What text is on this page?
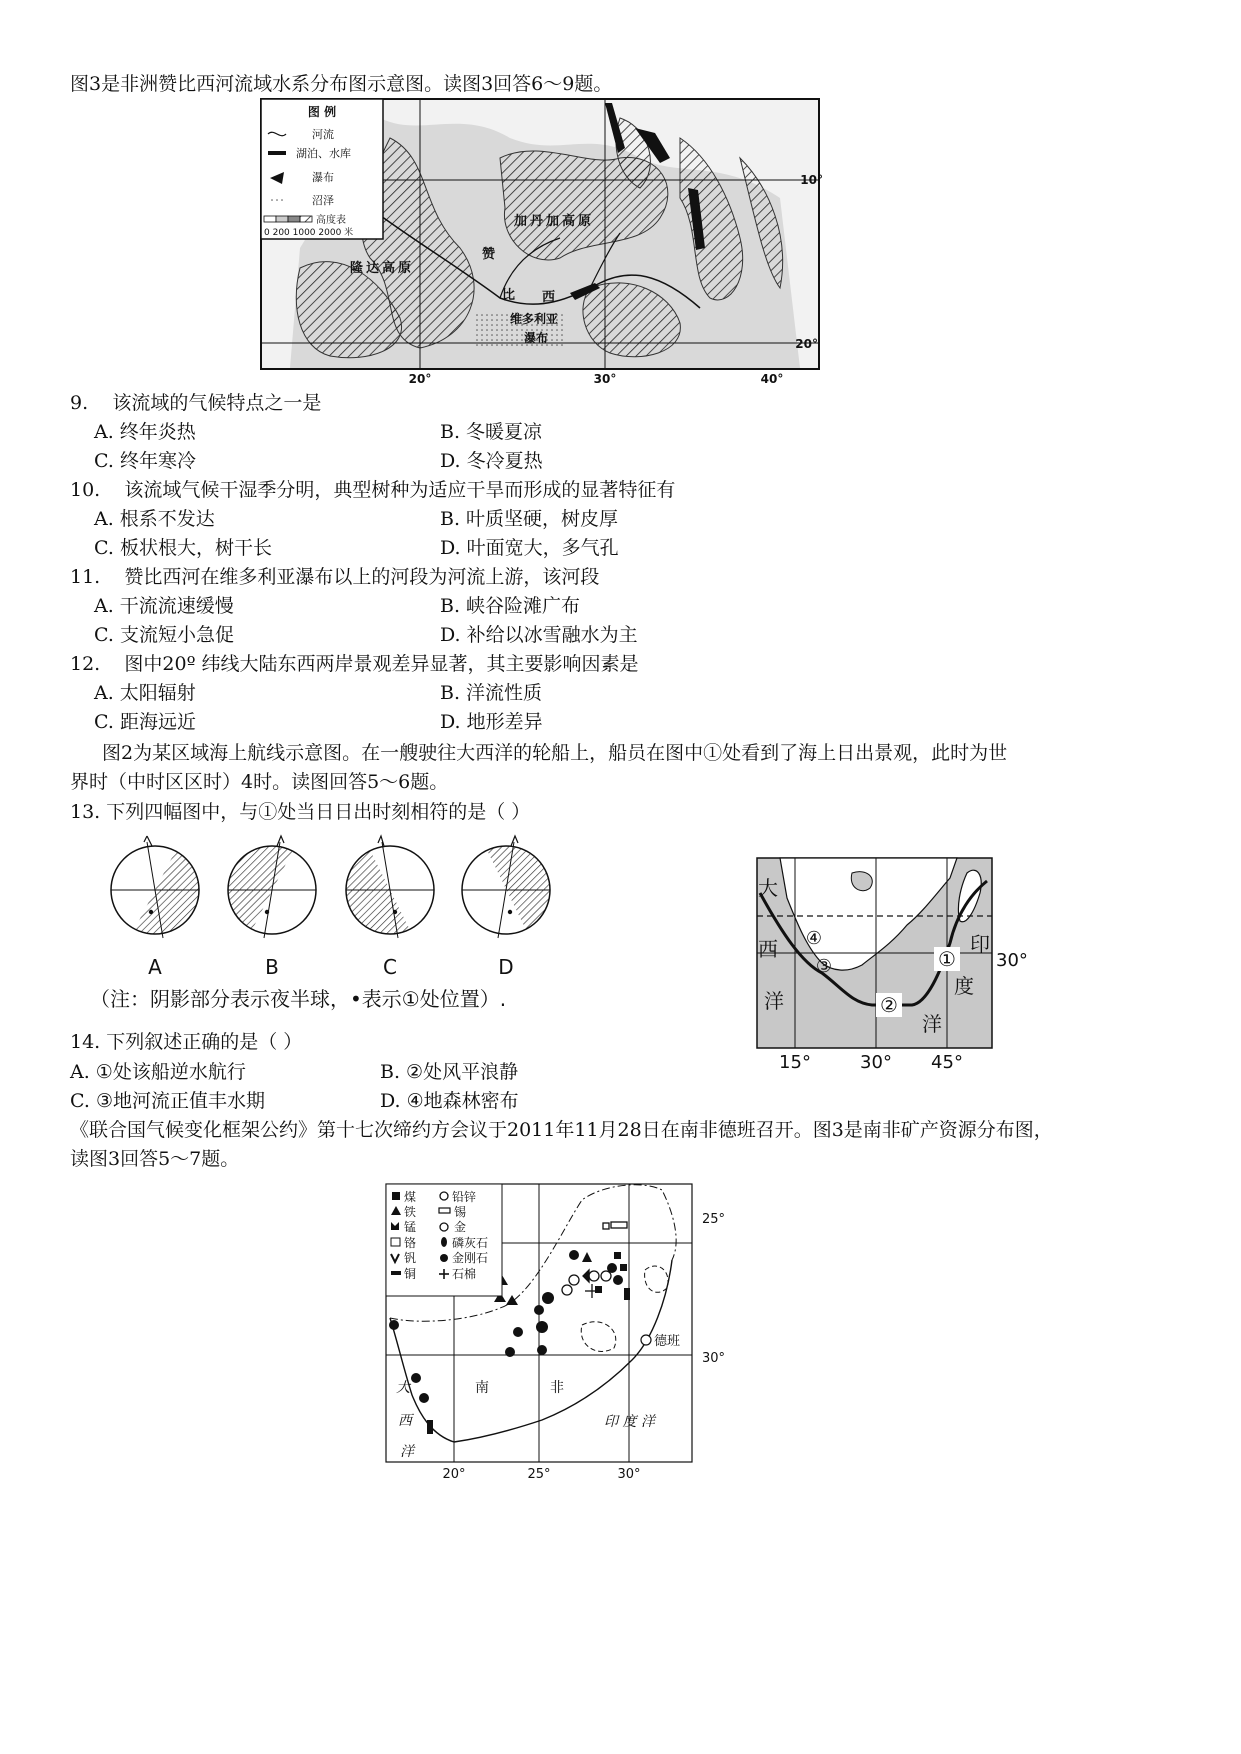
图3是非洲赞比西河流域水系分布图示意图。读图3回答6～9题。
图 例
河流
湖泊、水库
瀑布
沼泽
高度表
0 200 1000 2000 米
隆达高原
加丹加高原
赞
比 西
维多利亚
瀑布
10°
20°
20°	30°	40°
9. 该流域的气候特点之一是
A. 终年炎热	B. 冬暖夏凉
C. 终年寒冷	D. 冬冷夏热
10. 该流域气候干湿季分明，典型树种为适应干旱而形成的显著特征有
A. 根系不发达	B. 叶质坚硬，树皮厚
C. 板状根大，树干长	D. 叶面宽大，多气孔
11. 赞比西河在维多利亚瀑布以上的河段为河流上游，该河段
A. 干流流速缓慢	B. 峡谷险滩广布
C. 支流短小急促	D. 补给以冰雪融水为主
12. 图中20º 纬线大陆东西两岸景观差异显著，其主要影响因素是
A. 太阳辐射	B. 洋流性质
C. 距海远近	D. 地形差异
图2为某区域海上航线示意图。在一艘驶往大西洋的轮船上，船员在图中①处看到了海上日出景观，此时为世
界时（中时区区时）4时。读图回答5～6题。
13. 下列四幅图中，与①处当日日出时刻相符的是（ ）
A	B	C	D
（注：阴影部分表示夜半球，•表示①处位置）.
14. 下列叙述正确的是（ ）
A. ①处该船逆水航行	B. ②处风平浪静
C. ③地河流正值丰水期	D. ④地森林密布
大
西
洋
印
度
洋
①
②
③
④
30°
15°	30° 45°
《联合国气候变化框架公约》第十七次缔约方会议于2011年11月28日在南非德班召开。图3是南非矿产资源分布图，
读图3回答5～7题。
煤
铁
锰
铬
钒
铜
铅锌
锡
金
磷灰石
金刚石
石棉
德班
南	非
大
西
洋
印 度 洋
25°
30°
20°	25°	30°
